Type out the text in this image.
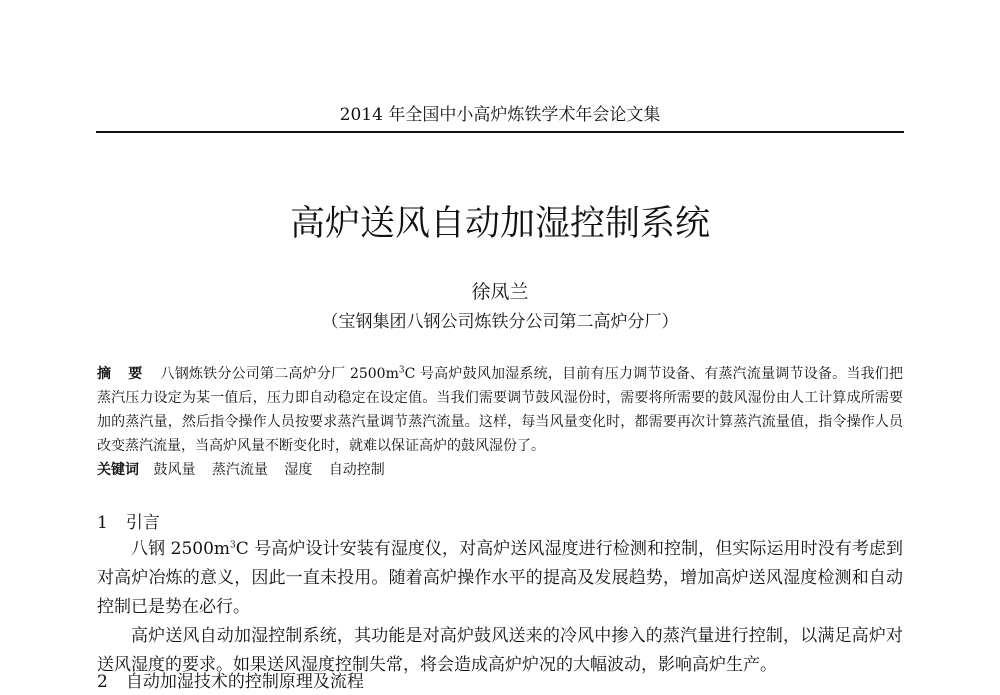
2014 年全国中小高炉炼铁学术年会论文集
高炉送风自动加湿控制系统
徐凤兰
（宝钢集团八钢公司炼铁分公司第二高炉分厂）
摘 要 八钢炼铁分公司第二高炉分厂 $2500m^3C$ 号高炉鼓风加湿系统，目前有压力调节设备、有蒸汽流量调节设备。当我们把蒸汽压力设定为某一值后，压力即自动稳定在设定值。当我们需要调节鼓风湿份时，需要将所需要的鼓风湿份由人工计算成所需要加的蒸汽量，然后指令操作人员按要求蒸汽量调节蒸汽流量。这样，每当风量变化时，都需要再次计算蒸汽流量值，指令操作人员改变蒸汽流量，当高炉风量不断变化时，就难以保证高炉的鼓风湿份了。
关键词 鼓风量 蒸汽流量 湿度 自动控制
1 引言

八钢 $2500m^3C$ 号高炉设计安装有湿度仪，对高炉送风湿度进行检测和控制，但实际运用时没有考虑到对高炉冶炼的意义，因此一直未投用。随着高炉操作水平的提高及发展趋势，增加高炉送风湿度检测和自动控制已是势在必行。

高炉送风自动加湿控制系统，其功能是对高炉鼓风送来的冷风中掺入的蒸汽量进行控制，以满足高炉对送风湿度的要求。如果送风湿度控制失常，将会造成高炉炉况的大幅波动，影响高炉生产。

2 自动加湿技术的控制原理及流程
